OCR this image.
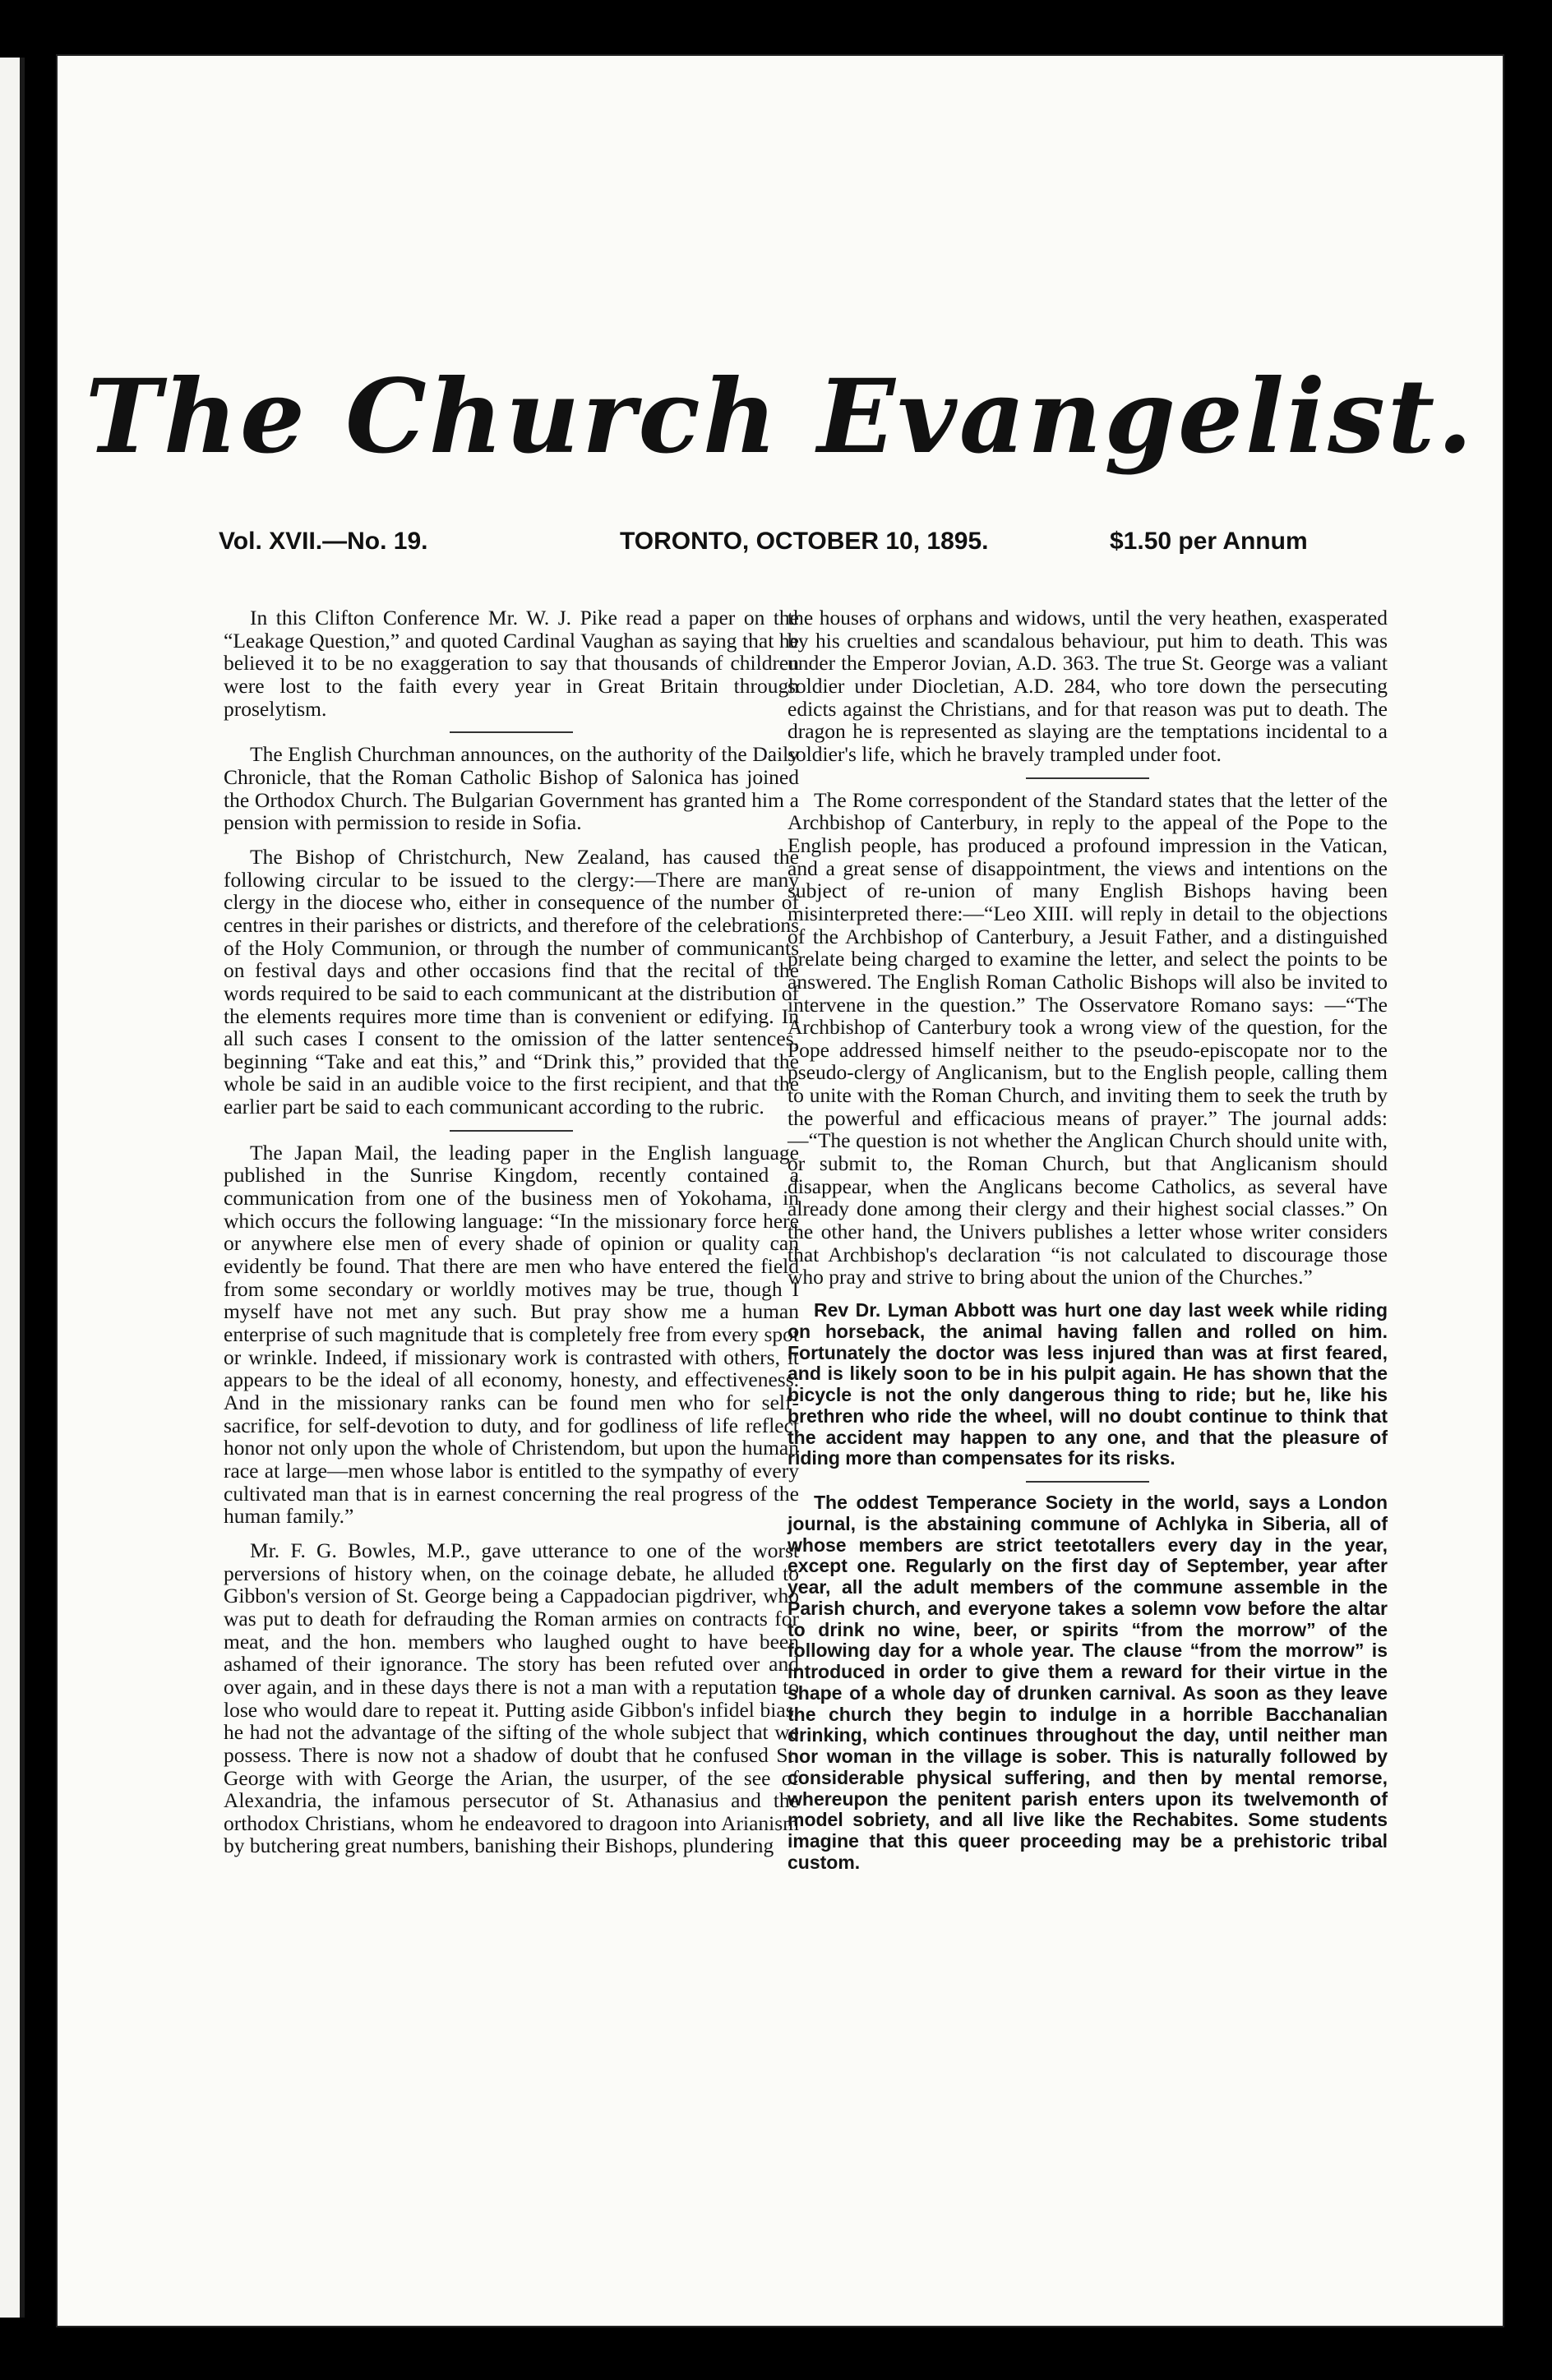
The Church Evangelist.
Vol. XVII.—No. 19.	TORONTO, OCTOBER 10, 1895.	$1.50 per Annum

In this Clifton Conference Mr. W. J. Pike read a paper on the “Leakage Question,” and quoted Cardinal Vaughan as saying that he believed it to be no exaggeration to say that thousands of children were lost to the faith every year in Great Britain through proselytism.

The English Churchman announces, on the authority of the Daily Chronicle, that the Roman Catholic Bishop of Salonica has joined the Orthodox Church. The Bulgarian Government has granted him a pension with permission to reside in Sofia.

The Bishop of Christchurch, New Zealand, has caused the following circular to be issued to the clergy:—There are many clergy in the diocese who, either in consequence of the number of centres in their parishes or districts, and therefore of the celebrations of the Holy Communion, or through the number of communicants on festival days and other occasions find that the recital of the words required to be said to each communicant at the distribution of the elements requires more time than is convenient or edifying. In all such cases I consent to the omission of the latter sentences, beginning “Take and eat this,” and “Drink this,” provided that the whole be said in an audible voice to the first recipient, and that the earlier part be said to each communicant according to the rubric.

The Japan Mail, the leading paper in the English language published in the Sunrise Kingdom, recently contained a communication from one of the business men of Yokohama, in which occurs the following language: “In the missionary force here or anywhere else men of every shade of opinion or quality can evidently be found. That there are men who have entered the field from some secondary or worldly motives may be true, though I myself have not met any such. But pray show me a human enterprise of such magnitude that is completely free from every spot or wrinkle. Indeed, if missionary work is contrasted with others, it appears to be the ideal of all economy, honesty, and effectiveness. And in the missionary ranks can be found men who for self-sacrifice, for self-devotion to duty, and for godliness of life reflect honor not only upon the whole of Christendom, but upon the human race at large—men whose labor is entitled to the sympathy of every cultivated man that is in earnest concerning the real progress of the human family.”

Mr. F. G. Bowles, M.P., gave utterance to one of the worst perversions of history when, on the coinage debate, he alluded to Gibbon's version of St. George being a Cappadocian pigdriver, who was put to death for defrauding the Roman armies on contracts for meat, and the hon. members who laughed ought to have been ashamed of their ignorance. The story has been refuted over and over again, and in these days there is not a man with a reputation to lose who would dare to repeat it. Putting aside Gibbon's infidel bias, he had not the advantage of the sifting of the whole subject that we possess. There is now not a shadow of doubt that he confused St. George with with George the Arian, the usurper, of the see of Alexandria, the infamous persecutor of St. Athanasius and the orthodox Christians, whom he endeavored to dragoon into Arianism by butchering great numbers, banishing their Bishops, plundering

the houses of orphans and widows, until the very heathen, exasperated by his cruelties and scandalous behaviour, put him to death. This was under the Emperor Jovian, A.D. 363. The true St. George was a valiant soldier under Diocletian, A.D. 284, who tore down the persecuting edicts against the Christians, and for that reason was put to death. The dragon he is represented as slaying are the temptations incidental to a soldier's life, which he bravely trampled under foot.

The Rome correspondent of the Standard states that the letter of the Archbishop of Canterbury, in reply to the appeal of the Pope to the English people, has produced a profound impression in the Vatican, and a great sense of disappointment, the views and intentions on the subject of re-union of many English Bishops having been misinterpreted there:—“Leo XIII. will reply in detail to the objections of the Archbishop of Canterbury, a Jesuit Father, and a distinguished prelate being charged to examine the letter, and select the points to be answered. The English Roman Catholic Bishops will also be invited to intervene in the question.” The Osservatore Romano says: —“The Archbishop of Canterbury took a wrong view of the question, for the Pope addressed himself neither to the pseudo-episcopate nor to the pseudo-clergy of Anglicanism, but to the English people, calling them to unite with the Roman Church, and inviting them to seek the truth by the powerful and efficacious means of prayer.” The journal adds:—“The question is not whether the Anglican Church should unite with, or submit to, the Roman Church, but that Anglicanism should disappear, when the Anglicans become Catholics, as several have already done among their clergy and their highest social classes.” On the other hand, the Univers publishes a letter whose writer considers that Archbishop's declaration “is not calculated to discourage those who pray and strive to bring about the union of the Churches.”

Rev Dr. Lyman Abbott was hurt one day last week while riding on horseback, the animal having fallen and rolled on him. Fortunately the doctor was less injured than was at first feared, and is likely soon to be in his pulpit again. He has shown that the bicycle is not the only dangerous thing to ride; but he, like his brethren who ride the wheel, will no doubt continue to think that the accident may happen to any one, and that the pleasure of riding more than compensates for its risks.

The oddest Temperance Society in the world, says a London journal, is the abstaining commune of Achlyka in Siberia, all of whose members are strict teetotallers every day in the year, except one. Regularly on the first day of September, year after year, all the adult members of the commune assemble in the Parish church, and everyone takes a solemn vow before the altar to drink no wine, beer, or spirits “from the morrow” of the following day for a whole year. The clause “from the morrow” is introduced in order to give them a reward for their virtue in the shape of a whole day of drunken carnival. As soon as they leave the church they begin to indulge in a horrible Bacchanalian drinking, which continues throughout the day, until neither man nor woman in the village is sober. This is naturally followed by considerable physical suffering, and then by mental remorse, whereupon the penitent parish enters upon its twelvemonth of model sobriety, and all live like the Rechabites. Some students imagine that this queer proceeding may be a prehistoric tribal custom.
